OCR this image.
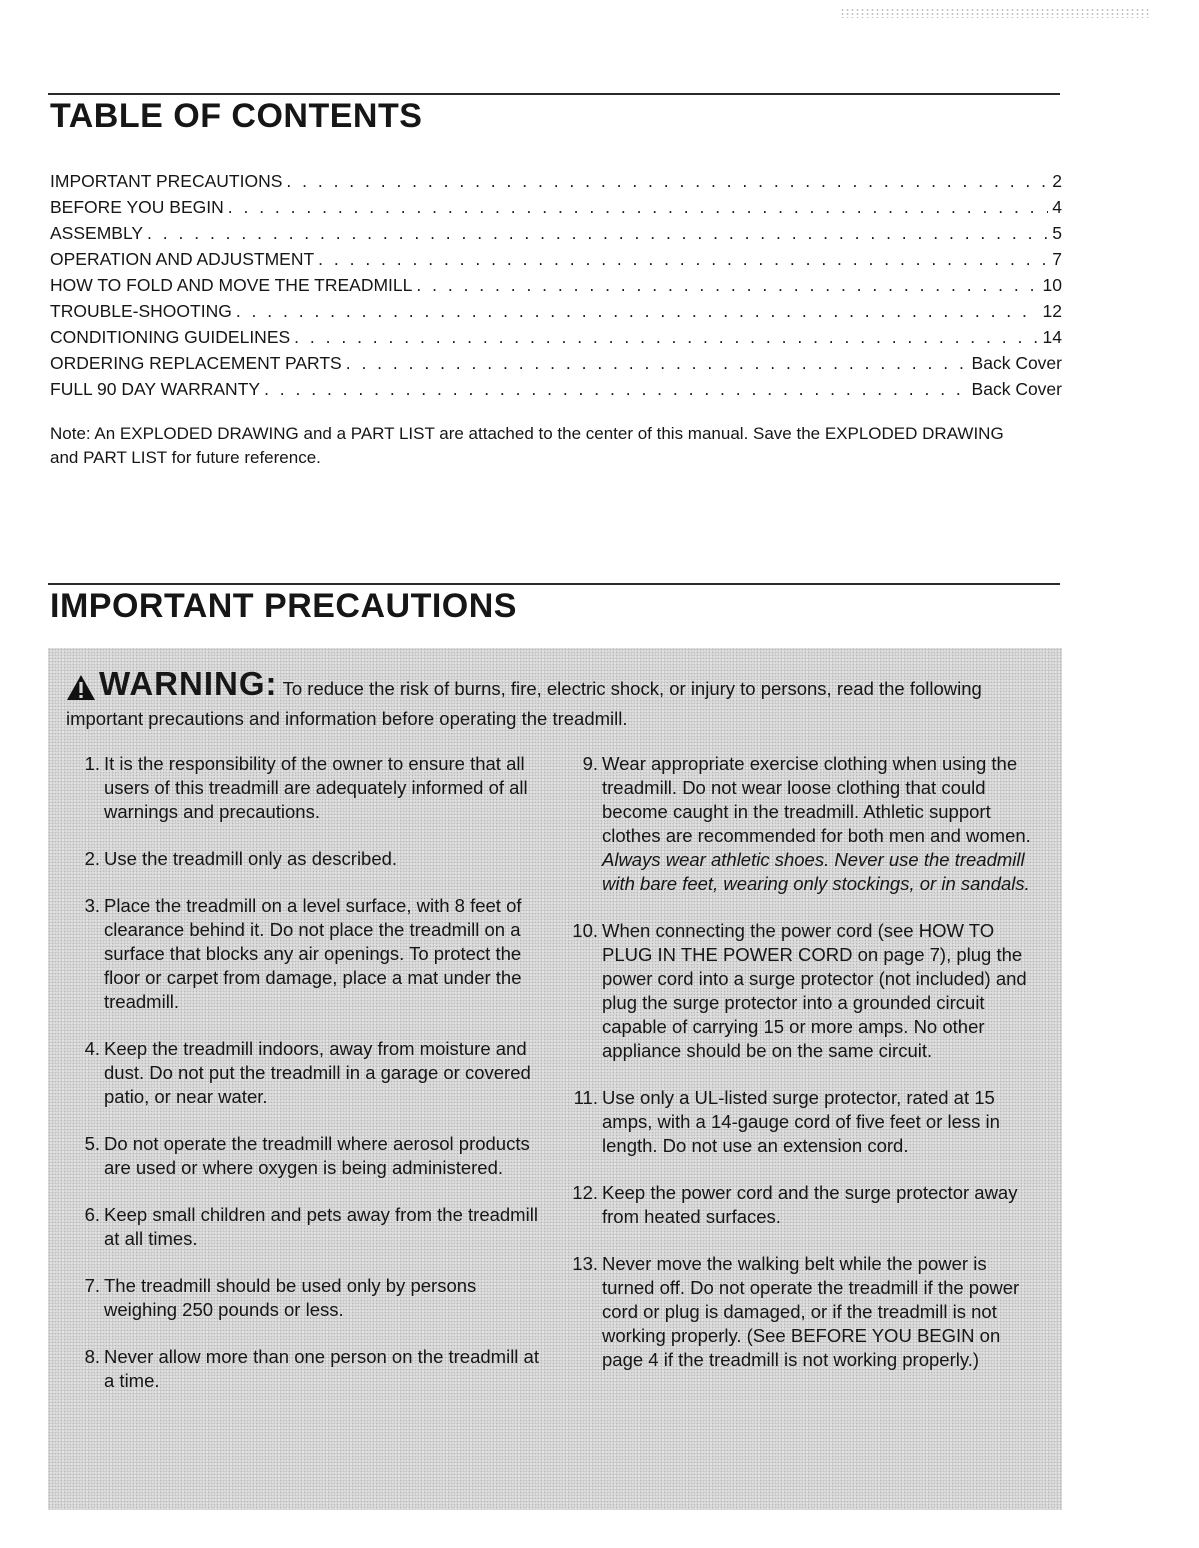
TABLE OF CONTENTS
IMPORTANT PRECAUTIONS . . .	2
BEFORE YOU BEGIN . . .	4
ASSEMBLY . . .	5
OPERATION AND ADJUSTMENT . . .	7
HOW TO FOLD AND MOVE THE TREADMILL . . .	10
TROUBLE-SHOOTING . . .	12
CONDITIONING GUIDELINES . . .	14
ORDERING REPLACEMENT PARTS . . .	Back Cover
FULL 90 DAY WARRANTY . . .	Back Cover

Note: An EXPLODED DRAWING and a PART LIST are attached to the center of this manual. Save the EXPLODED DRAWING and PART LIST for future reference.

IMPORTANT PRECAUTIONS

WARNING: To reduce the risk of burns, fire, electric shock, or injury to persons, read the following important precautions and information before operating the treadmill.

1. It is the responsibility of the owner to ensure that all users of this treadmill are adequately informed of all warnings and precautions.
2. Use the treadmill only as described.
3. Place the treadmill on a level surface, with 8 feet of clearance behind it. Do not place the treadmill on a surface that blocks any air openings. To protect the floor or carpet from damage, place a mat under the treadmill.
4. Keep the treadmill indoors, away from moisture and dust. Do not put the treadmill in a garage or covered patio, or near water.
5. Do not operate the treadmill where aerosol products are used or where oxygen is being administered.
6. Keep small children and pets away from the treadmill at all times.
7. The treadmill should be used only by persons weighing 250 pounds or less.
8. Never allow more than one person on the treadmill at a time.
9. Wear appropriate exercise clothing when using the treadmill. Do not wear loose clothing that could become caught in the treadmill. Athletic support clothes are recommended for both men and women. Always wear athletic shoes. Never use the treadmill with bare feet, wearing only stockings, or in sandals.
10. When connecting the power cord (see HOW TO PLUG IN THE POWER CORD on page 7), plug the power cord into a surge protector (not included) and plug the surge protector into a grounded circuit capable of carrying 15 or more amps. No other appliance should be on the same circuit.
11. Use only a UL-listed surge protector, rated at 15 amps, with a 14-gauge cord of five feet or less in length. Do not use an extension cord.
12. Keep the power cord and the surge protector away from heated surfaces.
13. Never move the walking belt while the power is turned off. Do not operate the treadmill if the power cord or plug is damaged, or if the treadmill is not working properly. (See BEFORE YOU BEGIN on page 4 if the treadmill is not working properly.)
